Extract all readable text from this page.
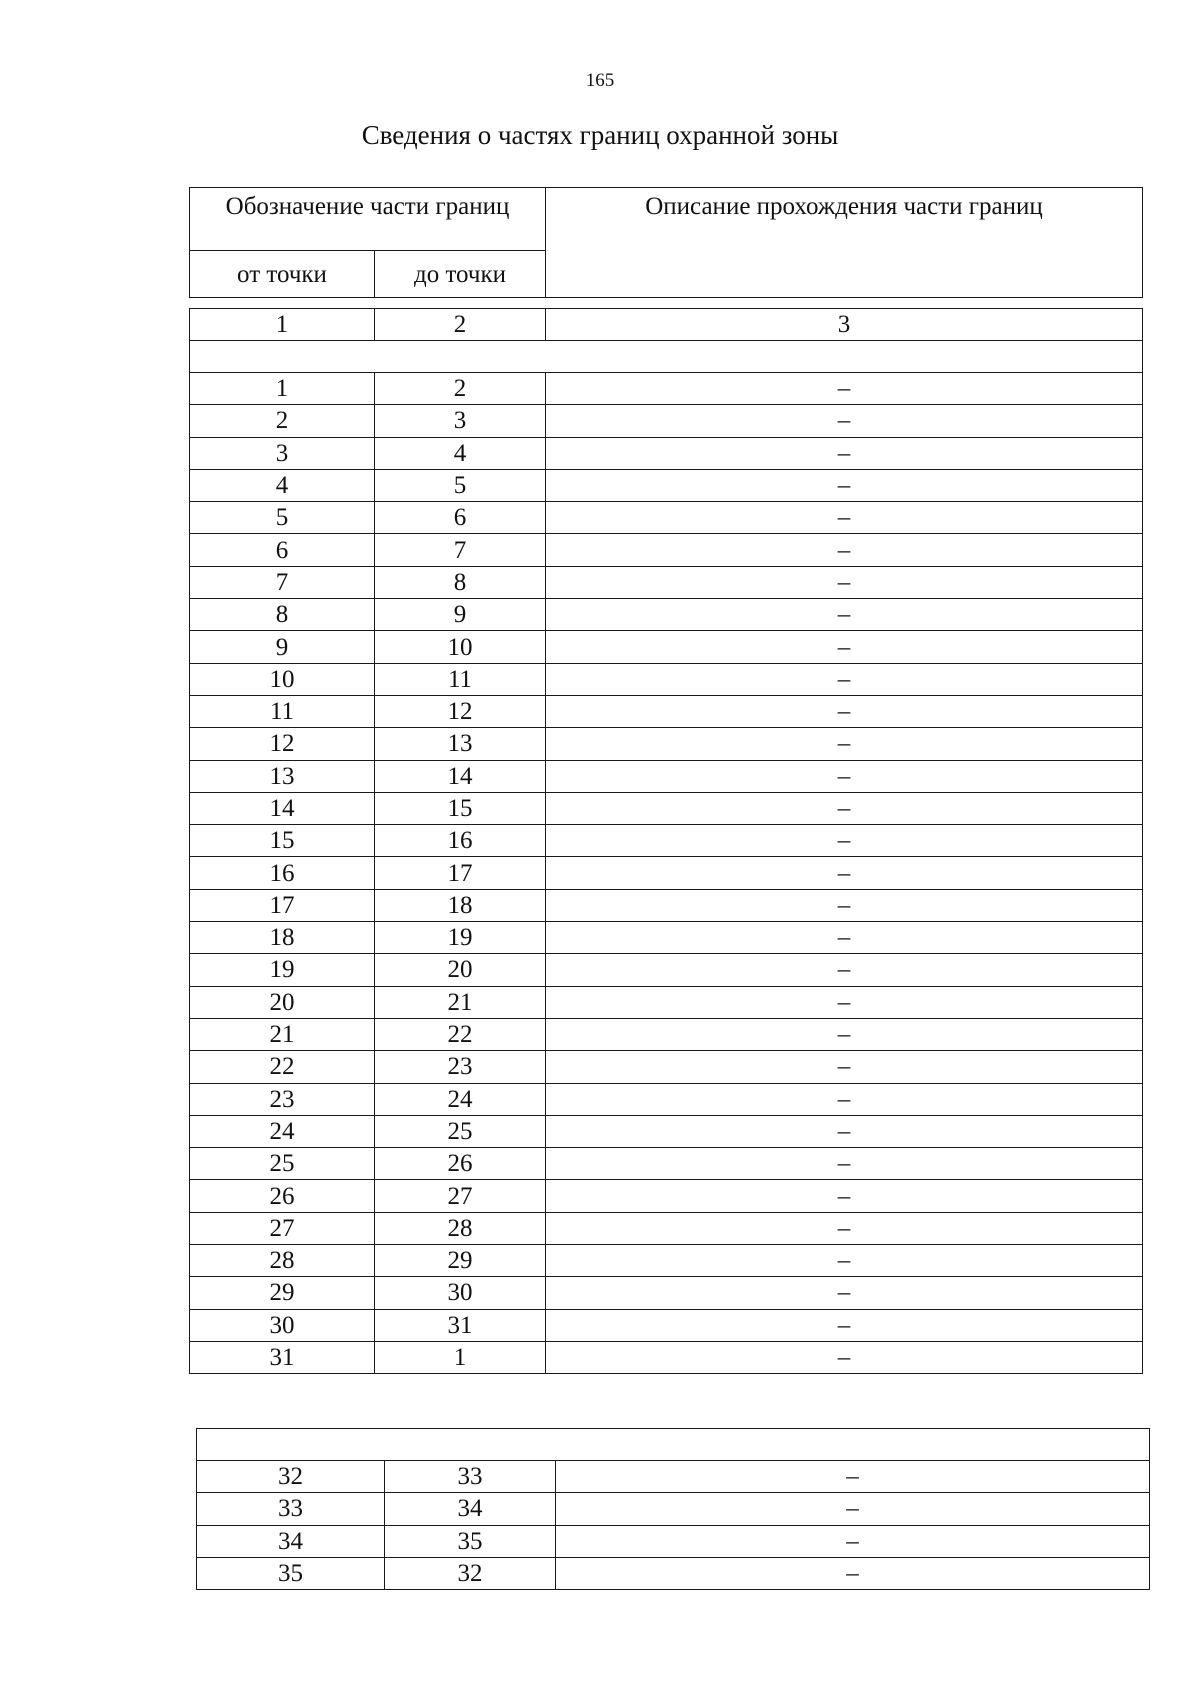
165
Сведения о частях границ охранной зоны
Обозначение части границ		Описание прохождения части границ
от точки	до точки	
1	2	3

1	2	–
2	3	–
3	4	–
4	5	–
5	6	–
6	7	–
7	8	–
8	9	–
9	10	–
10	11	–
11	12	–
12	13	–
13	14	–
14	15	–
15	16	–
16	17	–
17	18	–
18	19	–
19	20	–
20	21	–
21	22	–
22	23	–
23	24	–
24	25	–
25	26	–
26	27	–
27	28	–
28	29	–
29	30	–
30	31	–
31	1	–

32	33	–
33	34	–
34	35	–
35	32	–
